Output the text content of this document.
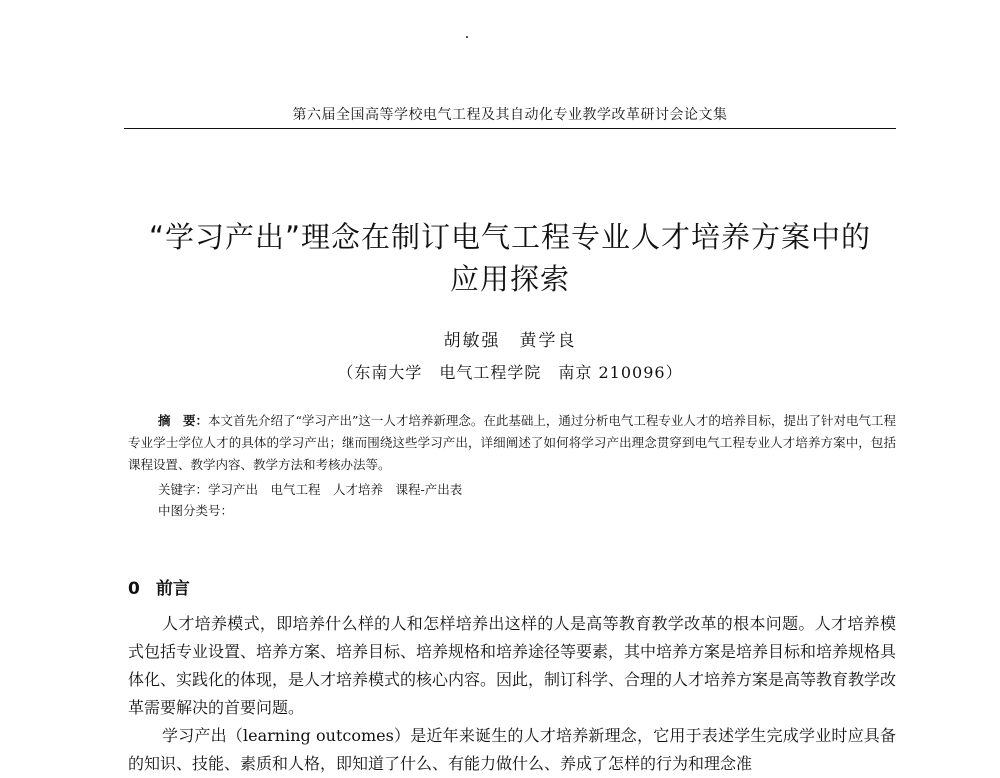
第六届全国高等学校电气工程及其自动化专业教学改革研讨会论文集
“学习产出”理念在制订电气工程专业人才培养方案中的
应用探索
胡敏强　黄学良
（东南大学　电气工程学院　南京 210096）
摘　要：本文首先介绍了“学习产出”这一人才培养新理念。在此基础上，通过分析电气工程专业人才的培养目标，提出了针对电气工程专业学士学位人才的具体的学习产出；继而围绕这些学习产出，详细阐述了如何将学习产出理念贯穿到电气工程专业人才培养方案中，包括课程设置、教学内容、教学方法和考核办法等。
关键字：学习产出　电气工程　人才培养　课程-产出表
中图分类号：
0 前言

人才培养模式，即培养什么样的人和怎样培养出这样的人是高等教育教学改革的根本问题。人才培养模式包括专业设置、培养方案、培养目标、培养规格和培养途径等要素，其中培养方案是培养目标和培养规格具体化、实践化的体现，是人才培养模式的核心内容。因此，制订科学、合理的人才培养方案是高等教育教学改革需要解决的首要问题。

学习产出（learning outcomes）是近年来诞生的人才培养新理念，它用于表述学生完成学业时应具备的知识、技能、素质和人格，即知道了什么、有能力做什么、养成了怎样的行为和理念准
